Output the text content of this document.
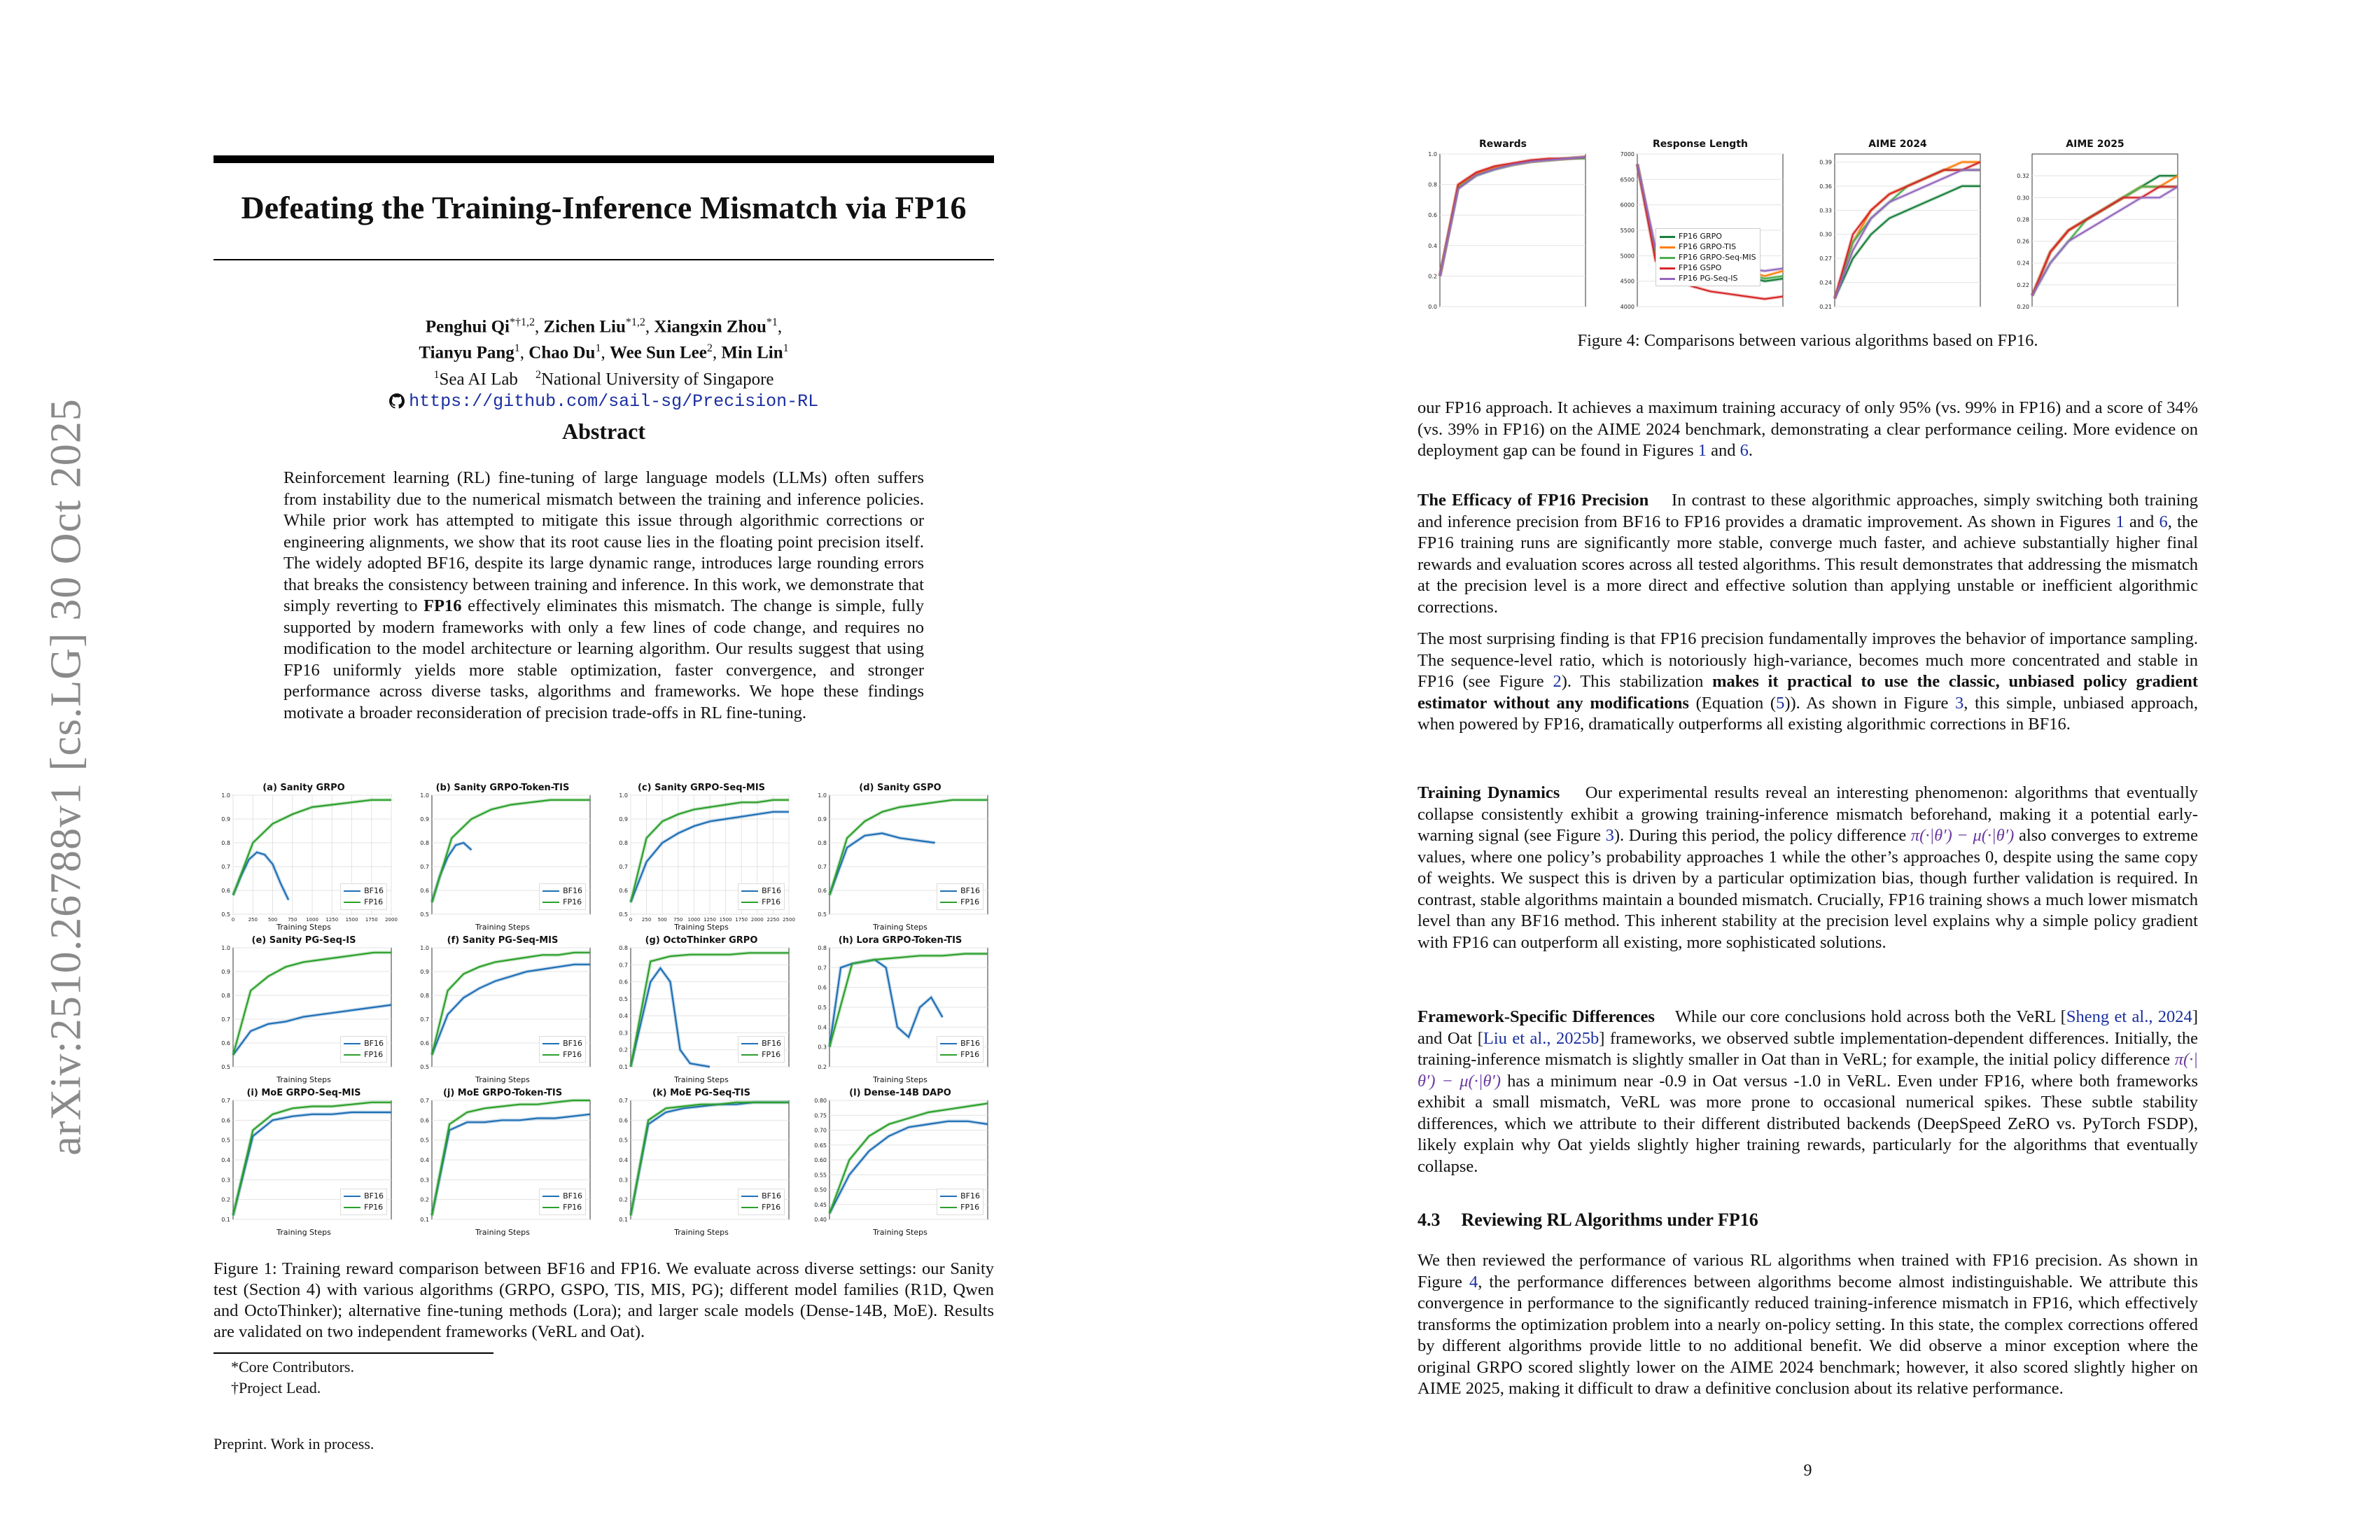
arXiv:2510.26788v1 [cs.LG] 30 Oct 2025
Defeating the Training-Inference Mismatch via FP16
Penghui Qi$^{*\dagger 1,2}$, Zichen Liu$^{*1,2}$, Xiangxin Zhou$^{*1}$,
Tianyu Pang$^1$, Chao Du$^1$, Wee Sun Lee$^2$, Min Lin$^1$
$^1$Sea AI Lab $^2$National University of Singapore
https://github.com/sail-sg/Precision-RL
Abstract
Reinforcement learning (RL) fine-tuning of large language models (LLMs) often suffers from instability due to the numerical mismatch between the training and inference policies. While prior work has attempted to mitigate this issue through algorithmic corrections or engineering alignments, we show that its root cause lies in the floating point precision itself. The widely adopted BF16, despite its large dynamic range, introduces large rounding errors that breaks the consistency between training and inference. In this work, we demonstrate that simply reverting to FP16 effectively eliminates this mismatch. The change is simple, fully supported by modern frameworks with only a few lines of code change, and requires no modification to the model architecture or learning algorithm. Our results suggest that using FP16 uniformly yields more stable optimization, faster convergence, and stronger performance across diverse tasks, algorithms and frameworks. We hope these findings motivate a broader reconsideration of precision trade-offs in RL fine-tuning.
0.5
0.6
0.7
0.8
0.9
1.0
0	250 500 750 1000 1250 1500 1750 2000
(a) Sanity GRPO
Training Steps
BF16
FP16
0.5
0.6
0.7
0.8
0.9
1.0
(b) Sanity GRPO-Token-TIS
Training Steps
BF16
FP16
0.5
0.6
0.7
0.8
0.9
1.0
0 250 500 750 1000 1250 1500 1750 2000 2250 2500
(c) Sanity GRPO-Seq-MIS
Training Steps
BF16
FP16
0.5
0.6
0.7
0.8
0.9
1.0
(d) Sanity GSPO
Training Steps
BF16
FP16
0.5
0.6
0.7
0.8
0.9
1.0
(e) Sanity PG-Seq-IS
Training Steps
BF16
FP16
0.5
0.6
0.7
0.8
0.9
1.0
(f) Sanity PG-Seq-MIS
Training Steps
BF16
FP16
0.1
0.2
0.3
0.4
0.5
0.6
0.7
0.8
(g) OctoThinker GRPO
Training Steps
BF16
FP16
0.2
0.3
0.4
0.5
0.6
0.7
0.8
(h) Lora GRPO-Token-TIS
Training Steps
BF16
FP16
0.1
0.2
0.3
0.4
0.5
0.6
0.7
(i) MoE GRPO-Seq-MIS
Training Steps
BF16
FP16
0.1
0.2
0.3
0.4
0.5
0.6
0.7
(j) MoE GRPO-Token-TIS
Training Steps
BF16
FP16
0.1
0.2
0.3
0.4
0.5
0.6
0.7
(k) MoE PG-Seq-TIS
Training Steps
BF16
FP16
0.40
0.45
0.50
0.55
0.60
0.65
0.70
0.75
0.80
(l) Dense-14B DAPO
Training Steps
BF16
FP16
Figure 1: Training reward comparison between BF16 and FP16. We evaluate across diverse settings: our Sanity test (Section 4) with various algorithms (GRPO, GSPO, TIS, MIS, PG); different model families (R1D, Qwen and OctoThinker); alternative fine-tuning methods (Lora); and larger scale models (Dense-14B, MoE). Results are validated on two independent frameworks (VeRL and Oat).
*Core Contributors.
†Project Lead.
Preprint. Work in process.
0.0
0.2
0.4
0.6
0.8
1.0
Rewards
4000
4500
5000
5500
6000
6500
7000
Response Length
FP16 GRPO
FP16 GRPO-TIS
FP16 GRPO-Seq-MIS
FP16 GSPO
FP16 PG-Seq-IS
0.21
0.24
0.27
0.30
0.33
0.36
0.39
AIME 2024
0.20
0.22
0.24
0.26
0.28
0.30
0.32
AIME 2025
Figure 4: Comparisons between various algorithms based on FP16.

our FP16 approach. It achieves a maximum training accuracy of only 95% (vs. 99% in FP16) and a score of 34% (vs. 39% in FP16) on the AIME 2024 benchmark, demonstrating a clear performance ceiling. More evidence on deployment gap can be found in Figures 1 and 6.

The Efficacy of FP16 Precision In contrast to these algorithmic approaches, simply switching both training and inference precision from BF16 to FP16 provides a dramatic improvement. As shown in Figures 1 and 6, the FP16 training runs are significantly more stable, converge much faster, and achieve substantially higher final rewards and evaluation scores across all tested algorithms. This result demonstrates that addressing the mismatch at the precision level is a more direct and effective solution than applying unstable or inefficient algorithmic corrections.

The most surprising finding is that FP16 precision fundamentally improves the behavior of importance sampling. The sequence-level ratio, which is notoriously high-variance, becomes much more concentrated and stable in FP16 (see Figure 2). This stabilization makes it practical to use the classic, unbiased policy gradient estimator without any modifications (Equation (5)). As shown in Figure 3, this simple, unbiased approach, when powered by FP16, dramatically outperforms all existing algorithmic corrections in BF16.

Training Dynamics Our experimental results reveal an interesting phenomenon: algorithms that eventually collapse consistently exhibit a growing training-inference mismatch beforehand, making it a potential early-warning signal (see Figure 3). During this period, the policy difference π(·|θ′) − μ(·|θ′) also converges to extreme values, where one policy’s probability approaches 1 while the other’s approaches 0, despite using the same copy of weights. We suspect this is driven by a particular optimization bias, though further validation is required. In contrast, stable algorithms maintain a bounded mismatch. Crucially, FP16 training shows a much lower mismatch level than any BF16 method. This inherent stability at the precision level explains why a simple policy gradient with FP16 can outperform all existing, more sophisticated solutions.

Framework-Specific Differences While our core conclusions hold across both the VeRL [Sheng et al., 2024] and Oat [Liu et al., 2025b] frameworks, we observed subtle implementation-dependent differences. Initially, the training-inference mismatch is slightly smaller in Oat than in VeRL; for example, the initial policy difference π(·|θ′) − μ(·|θ′) has a minimum near -0.9 in Oat versus -1.0 in VeRL. Even under FP16, where both frameworks exhibit a small mismatch, VeRL was more prone to occasional numerical spikes. These subtle stability differences, which we attribute to their different distributed backends (DeepSpeed ZeRO vs. PyTorch FSDP), likely explain why Oat yields slightly higher training rewards, particularly for the algorithms that eventually collapse.

4.3 Reviewing RL Algorithms under FP16

We then reviewed the performance of various RL algorithms when trained with FP16 precision. As shown in Figure 4, the performance differences between algorithms become almost indistinguishable. We attribute this convergence in performance to the significantly reduced training-inference mismatch in FP16, which effectively transforms the optimization problem into a nearly on-policy setting. In this state, the complex corrections offered by different algorithms provide little to no additional benefit. We did observe a minor exception where the original GRPO scored slightly lower on the AIME 2024 benchmark; however, it also scored slightly higher on AIME 2025, making it difficult to draw a definitive conclusion about its relative performance.

9
